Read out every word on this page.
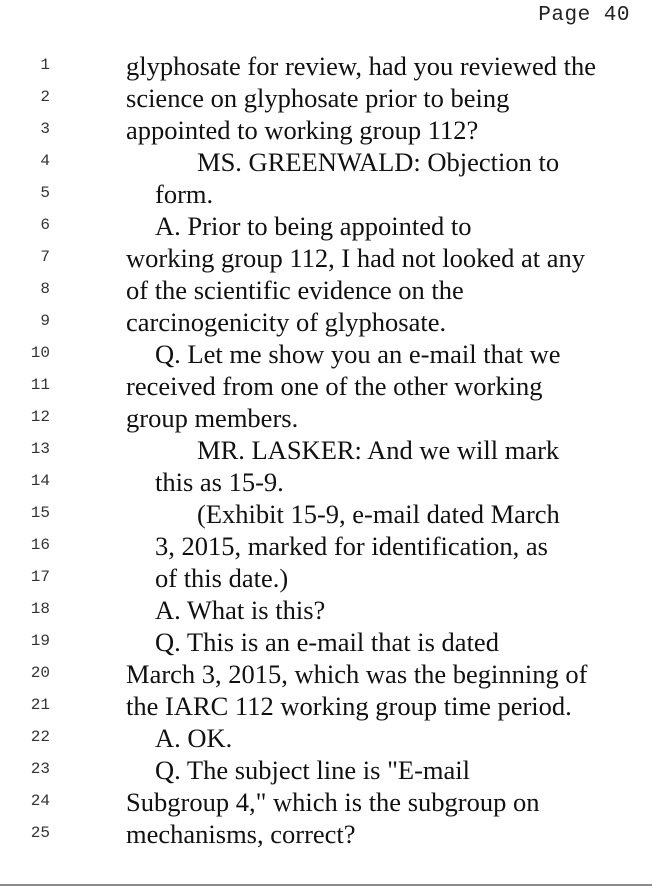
Page 40
1	glyphosate for review, had you reviewed the
2	science on glyphosate prior to being
3	appointed to working group 112?
4	MS. GREENWALD: Objection to
5	form.
6	A. Prior to being appointed to
7	working group 112, I had not looked at any
8	of the scientific evidence on the
9	carcinogenicity of glyphosate.
10	Q. Let me show you an e-mail that we
11	received from one of the other working
12	group members.
13	MR. LASKER: And we will mark
14	this as 15-9.
15	(Exhibit 15-9, e-mail dated March
16	3, 2015, marked for identification, as
17	of this date.)
18	A. What is this?
19	Q. This is an e-mail that is dated
20	March 3, 2015, which was the beginning of
21	the IARC 112 working group time period.
22	A. OK.
23	Q. The subject line is "E-mail
24	Subgroup 4," which is the subgroup on
25	mechanisms, correct?
